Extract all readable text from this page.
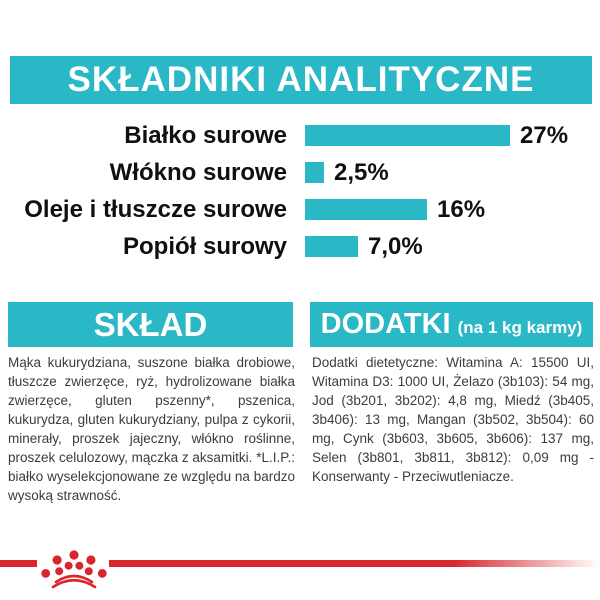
SKŁADNIKI ANALITYCZNE
Białko surowe	27%
Włókno surowe 2,5%
Oleje i tłuszcze surowe	16%
Popiół surowy	7,0%
SKŁAD	DODATKI (na 1 kg karmy)
Mąka kukurydziana, suszone białka drobiowe, tłuszcze zwierzęce, ryż, hydrolizowane białka zwierzęce, gluten pszenny*, pszenica, kukurydza, gluten kukurydziany, pulpa z cykorii, minerały, proszek jajeczny, włókno roślinne, proszek celulozowy, mączka z aksamitki. *L.I.P.: białko wyselekcjonowane ze względu na bardzo wysoką strawność.
Dodatki dietetyczne: Witamina A: 15500 UI, Witamina D3: 1000 UI, Żelazo (3b103): 54 mg, Jod (3b201, 3b202): 4,8 mg, Miedź (3b405, 3b406): 13 mg, Mangan (3b502, 3b504): 60 mg, Cynk (3b603, 3b605, 3b606): 137 mg, Selen (3b801, 3b811, 3b812): 0,09 mg - Konserwanty - Przeciwutleniacze.
